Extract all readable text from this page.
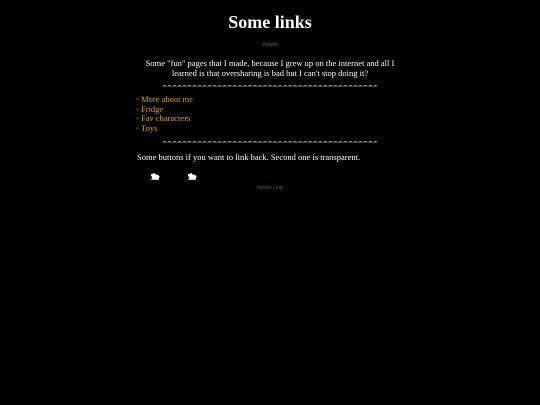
Some links
return
Some "fun" pages that I made, because I grew up on the internet and all I learned is that oversharing is bad but I can't stop doing it?
◦ More about me
◦ Fridge
◦ Fav characters
◦ Toys
Some buttons if you want to link back. Second one is transparent.
return | top
